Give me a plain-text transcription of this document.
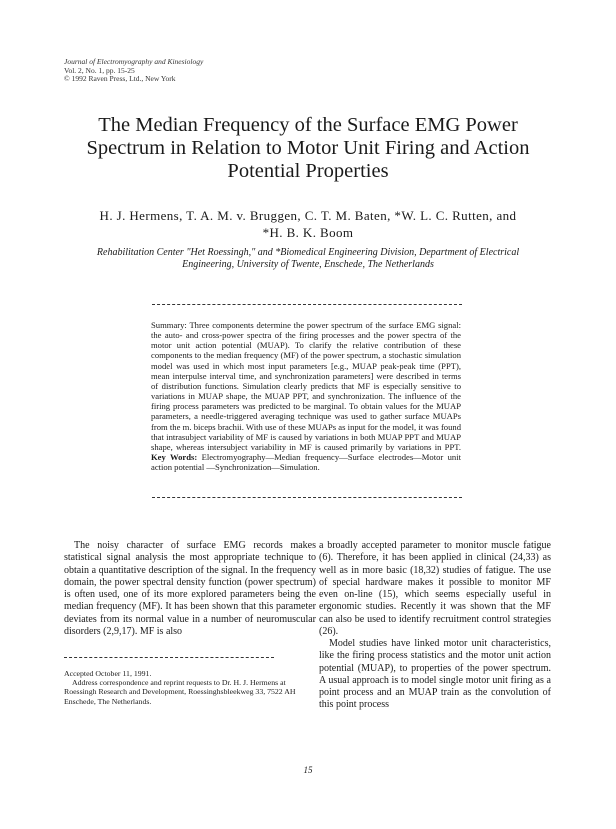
Journal of Electromyography and Kinesiology
Vol. 2, No. 1, pp. 15-25
© 1992 Raven Press, Ltd., New York
The Median Frequency of the Surface EMG Power
Spectrum in Relation to Motor Unit Firing and Action
Potential Properties
H. J. Hermens, T. A. M. v. Bruggen, C. T. M. Baten, *W. L. C. Rutten, and
*H. B. K. Boom
Rehabilitation Center "Het Roessingh," and *Biomedical Engineering Division, Department of Electrical
Engineering, University of Twente, Enschede, The Netherlands
Summary: Three components determine the power spectrum of the surface EMG signal: the auto- and cross-power spectra of the firing processes and the power spectra of the motor unit action potential (MUAP). To clarify the relative contribution of these components to the median frequency (MF) of the power spectrum, a stochastic simulation model was used in which most input parameters [e.g., MUAP peak-peak time (PPT), mean interpulse interval time, and synchronization parameters] were described in terms of distribution functions. Simulation clearly predicts that MF is especially sensitive to variations in MUAP shape, the MUAP PPT, and synchronization. The influence of the firing process parameters was predicted to be marginal. To obtain values for the MUAP parameters, a needle-triggered averaging technique was used to gather surface MUAPs from the m. biceps brachii. With use of these MUAPs as input for the model, it was found that intrasubject variability of MF is caused by variations in both MUAP PPT and MUAP shape, whereas intersubject variability in MF is caused primarily by variations in PPT. Key Words: Electromyography—Median frequency—Surface electrodes—Motor unit action potential —Synchronization—Simulation.

The noisy character of surface EMG records makes statistical signal analysis the most appropriate technique to obtain a quantitative description of the signal. In the frequency domain, the power spectral density function (power spectrum) is often used, one of its more explored parameters being the median frequency (MF). It has been shown that this parameter deviates from its normal value in a number of neuromuscular disorders (2,9,17). MF is also

a broadly accepted parameter to monitor muscle fatigue (6). Therefore, it has been applied in clinical (24,33) as well as in more basic (18,32) studies of fatigue. The use of special hardware makes it possible to monitor MF even on-line (15), which seems especially useful in ergonomic studies. Recently it was shown that the MF can also be used to identify recruitment control strategies (26).

Model studies have linked motor unit characteristics, like the firing process statistics and the motor unit action potential (MUAP), to properties of the power spectrum. A usual approach is to model single motor unit firing as a point process and an MUAP train as the convolution of this point process

Accepted October 11, 1991.
Address correspondence and reprint requests to Dr. H. J. Hermens at Roessingh Research and Development, Roessinghsbleekweg 33, 7522 AH Enschede, The Netherlands.
15
